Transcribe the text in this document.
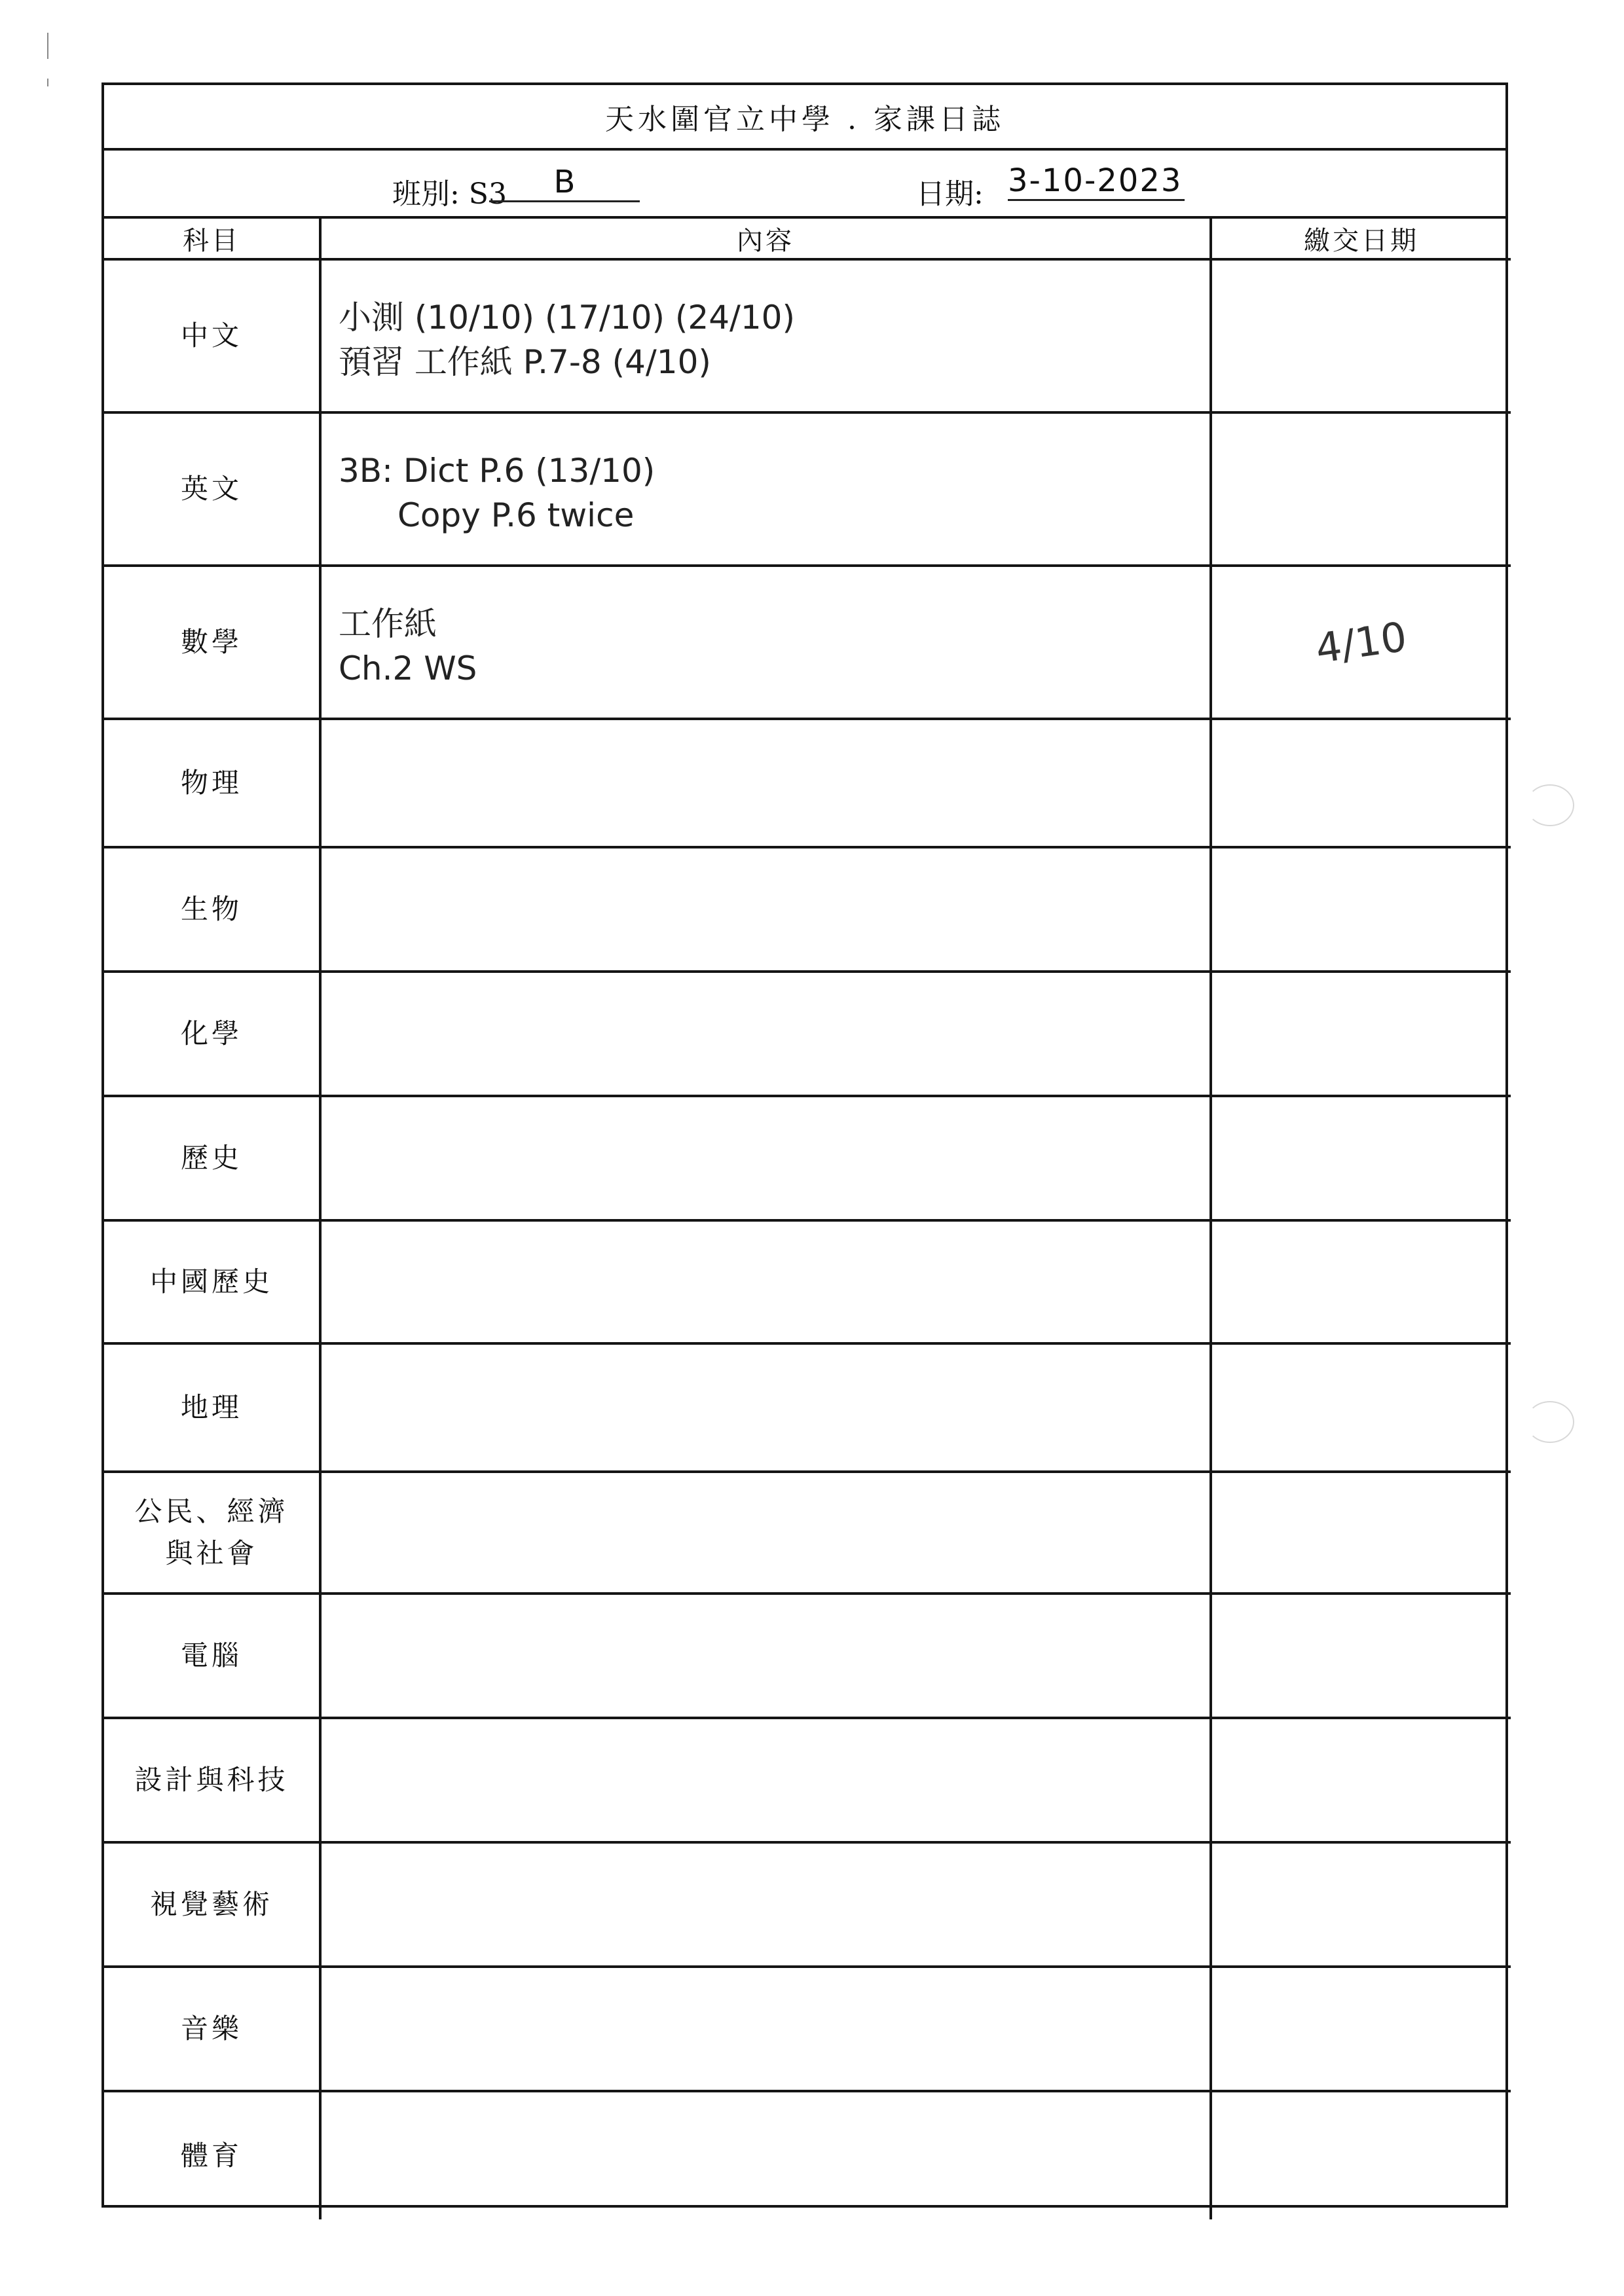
天水圍官立中學 . 家課日誌
班別: S3	B	日期: 3-10-2023
科目	內容	繳交日期
中文	小測 (10/10) (17/10) (24/10)
預習 工作紙 P.7-8 (4/10)	

英文	3B: Dict P.6 (13/10)
Copy P.6 twice	

數學	工作紙
Ch.2 WS	4/10
物理		
生物		
化學		
歷史		
中國歷史		
地理		
公民、經濟與社會		
電腦		
設計與科技		
視覺藝術		
音樂		
體育		
